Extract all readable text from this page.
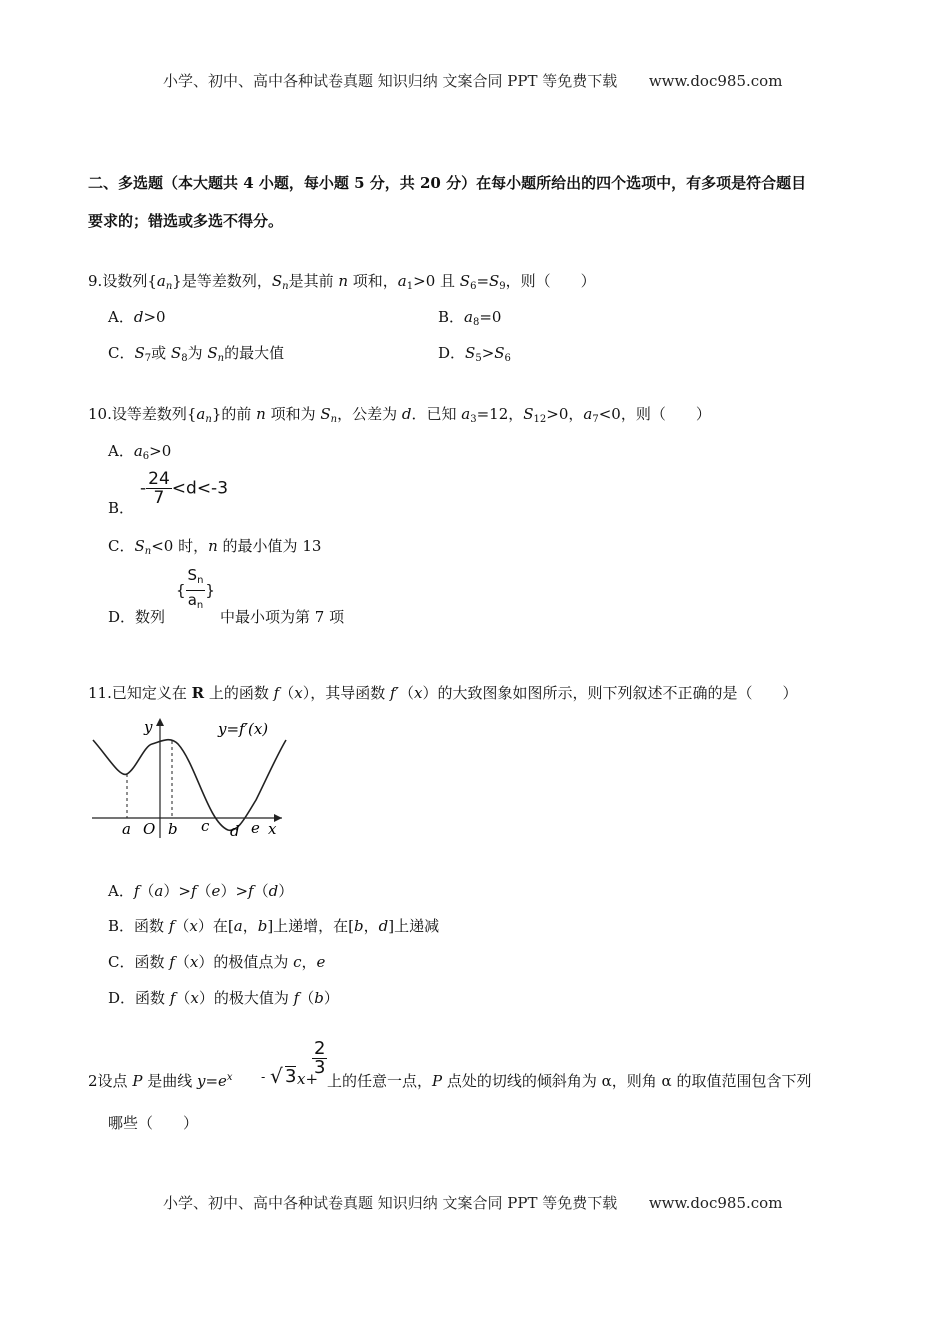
小学、初中、高中各种试卷真题 知识归纳 文案合同 PPT 等免费下载 www.doc985.com
二、多选题（本大题共 4 小题，每小题 5 分，共 20 分）在每小题所给出的四个选项中，有多项是符合题目
要求的；错选或多选不得分。
9.设数列$\{a_n\}$是等差数列，$S_n$是其前 n 项和，$a_1>0$ 且 $S_6=S_9$，则（　　）
A．d>0	B．$a_8=0$
C．$S_7$或 $S_8$为 $S_n$的最大值	D．$S_5>S_6$
10.设等差数列$\{a_n\}$的前 n 项和为 $S_n$，公差为 d．已知 $a_3=12$，$S_{12}>0$，$a_7<0$，则（　　）
A．$a_6>0$
B．
- $\frac{24}{7} <d<-3$
C．$S_n<0$ 时，n 的最小值为 13
D．数列
{ $\frac{S_n}{a_n}$ }
中最小项为第 7 项
11.已知定义在 R 上的函数 f（x），其导函数 f′（x）的大致图象如图所示，则下列叙述不正确的是（　　）
y	y=f′(x)
x
a O b c d e
A．f（a）>f（e）>f（d）
B．函数 f（x）在[a，b]上递增，在[b，d]上递减
C．函数 f（x）的极值点为 c，e
D．函数 f（x）的极大值为 f（b）
2设点 P 是曲线 $y=e^x$ - √ 3 x+
$\frac{2}{3}$
上的任意一点，P 点处的切线的倾斜角为 α，则角 α 的取值范围包含下列
哪些（　　）
小学、初中、高中各种试卷真题 知识归纳 文案合同 PPT 等免费下载 www.doc985.com
